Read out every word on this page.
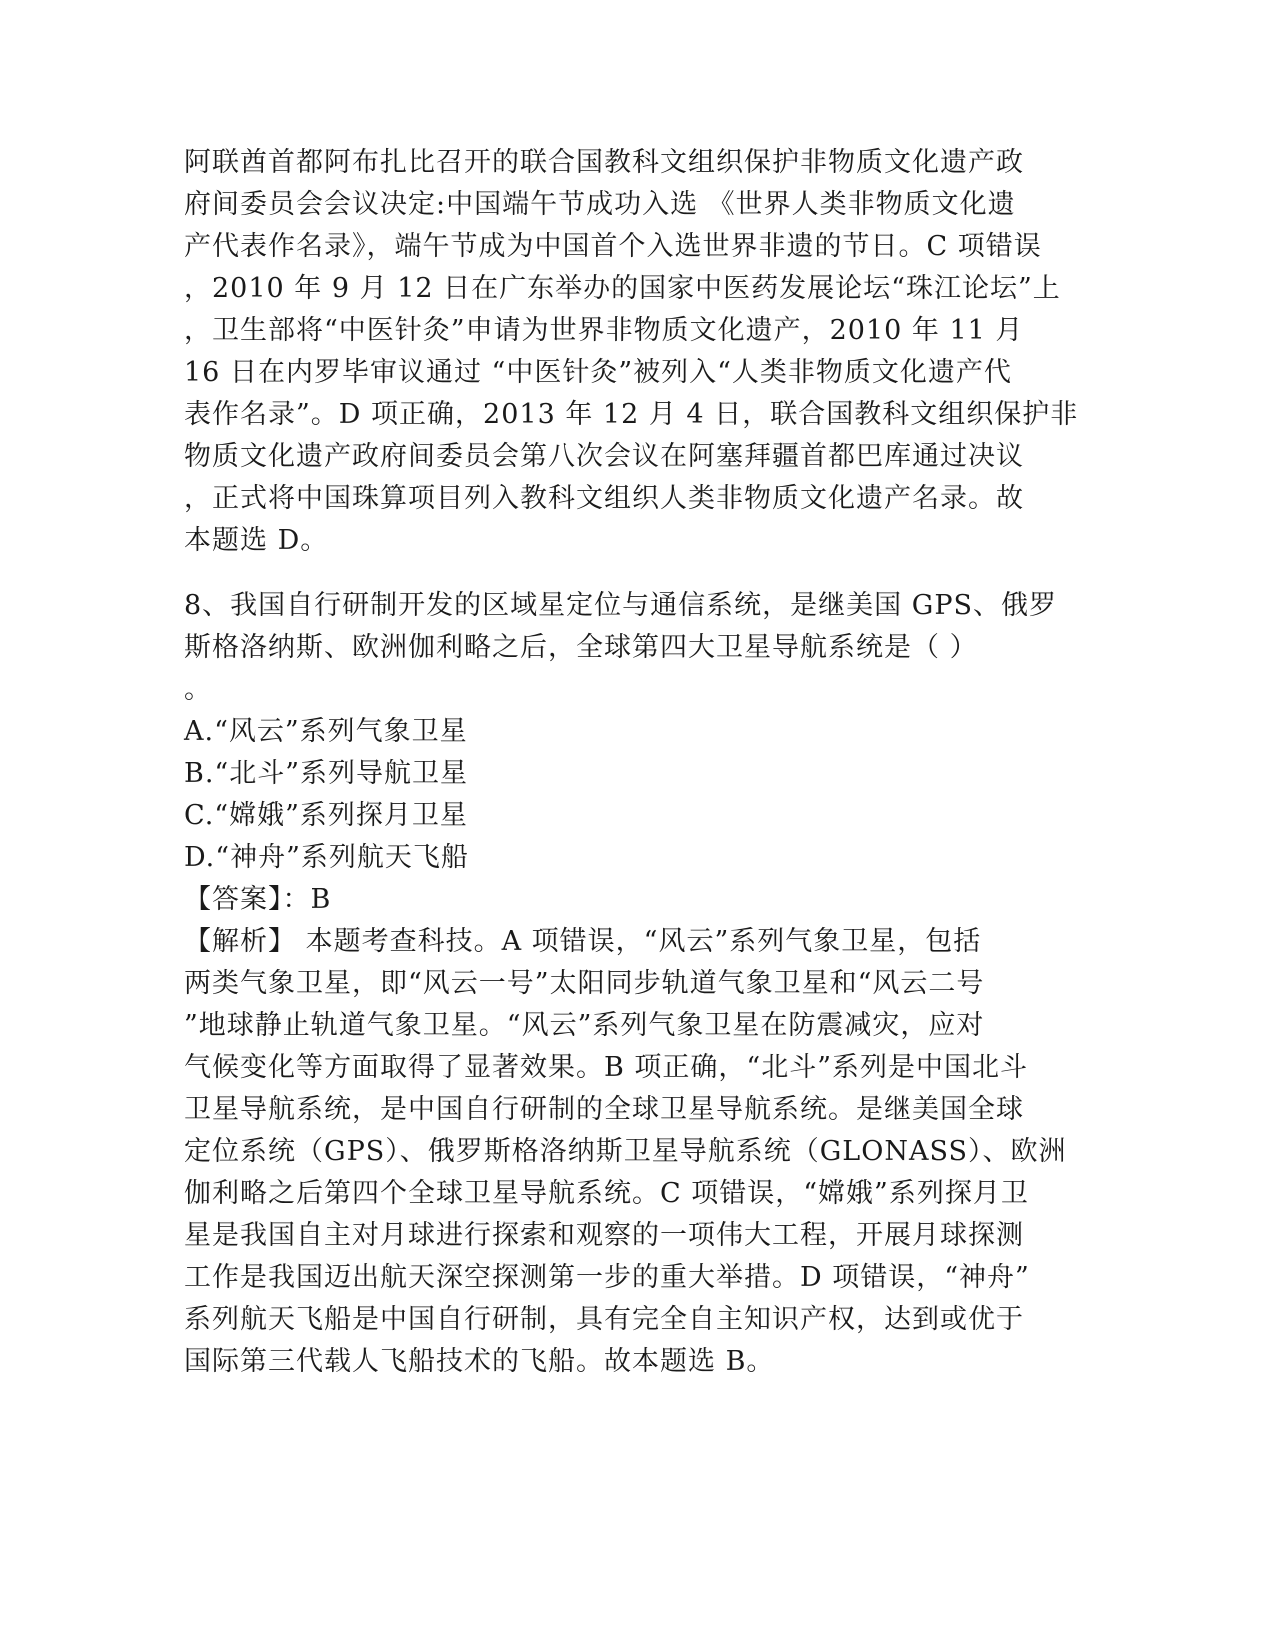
阿联酋首都阿布扎比召开的联合国教科文组织保护非物质文化遗产政
府间委员会会议决定:中国端午节成功入选 《世界人类非物质文化遗
产代表作名录》，端午节成为中国首个入选世界非遗的节日。C 项错误
，2010 年 9 月 12 日在广东举办的国家中医药发展论坛“珠江论坛”上
，卫生部将“中医针灸”申请为世界非物质文化遗产，2010 年 11 月
16 日在内罗毕审议通过 “中医针灸”被列入“人类非物质文化遗产代
表作名录”。D 项正确，2013 年 12 月 4 日，联合国教科文组织保护非
物质文化遗产政府间委员会第八次会议在阿塞拜疆首都巴库通过决议
，正式将中国珠算项目列入教科文组织人类非物质文化遗产名录。故
本题选 D。
8、我国自行研制开发的区域星定位与通信系统，是继美国 GPS、俄罗
斯格洛纳斯、欧洲伽利略之后，全球第四大卫星导航系统是（ ）
。
A.“风云”系列气象卫星
B.“北斗”系列导航卫星
C.“嫦娥”系列探月卫星
D.“神舟”系列航天飞船
【答案】：B
【解析】 本题考查科技。A 项错误，“风云”系列气象卫星，包括
两类气象卫星，即“风云一号”太阳同步轨道气象卫星和“风云二号
”地球静止轨道气象卫星。“风云”系列气象卫星在防震减灾，应对
气候变化等方面取得了显著效果。B 项正确，“北斗”系列是中国北斗
卫星导航系统，是中国自行研制的全球卫星导航系统。是继美国全球
定位系统（GPS）、俄罗斯格洛纳斯卫星导航系统（GLONASS）、欧洲
伽利略之后第四个全球卫星导航系统。C 项错误，“嫦娥”系列探月卫
星是我国自主对月球进行探索和观察的一项伟大工程，开展月球探测
工作是我国迈出航天深空探测第一步的重大举措。D 项错误，“神舟”
系列航天飞船是中国自行研制，具有完全自主知识产权，达到或优于
国际第三代载人飞船技术的飞船。故本题选 B。
